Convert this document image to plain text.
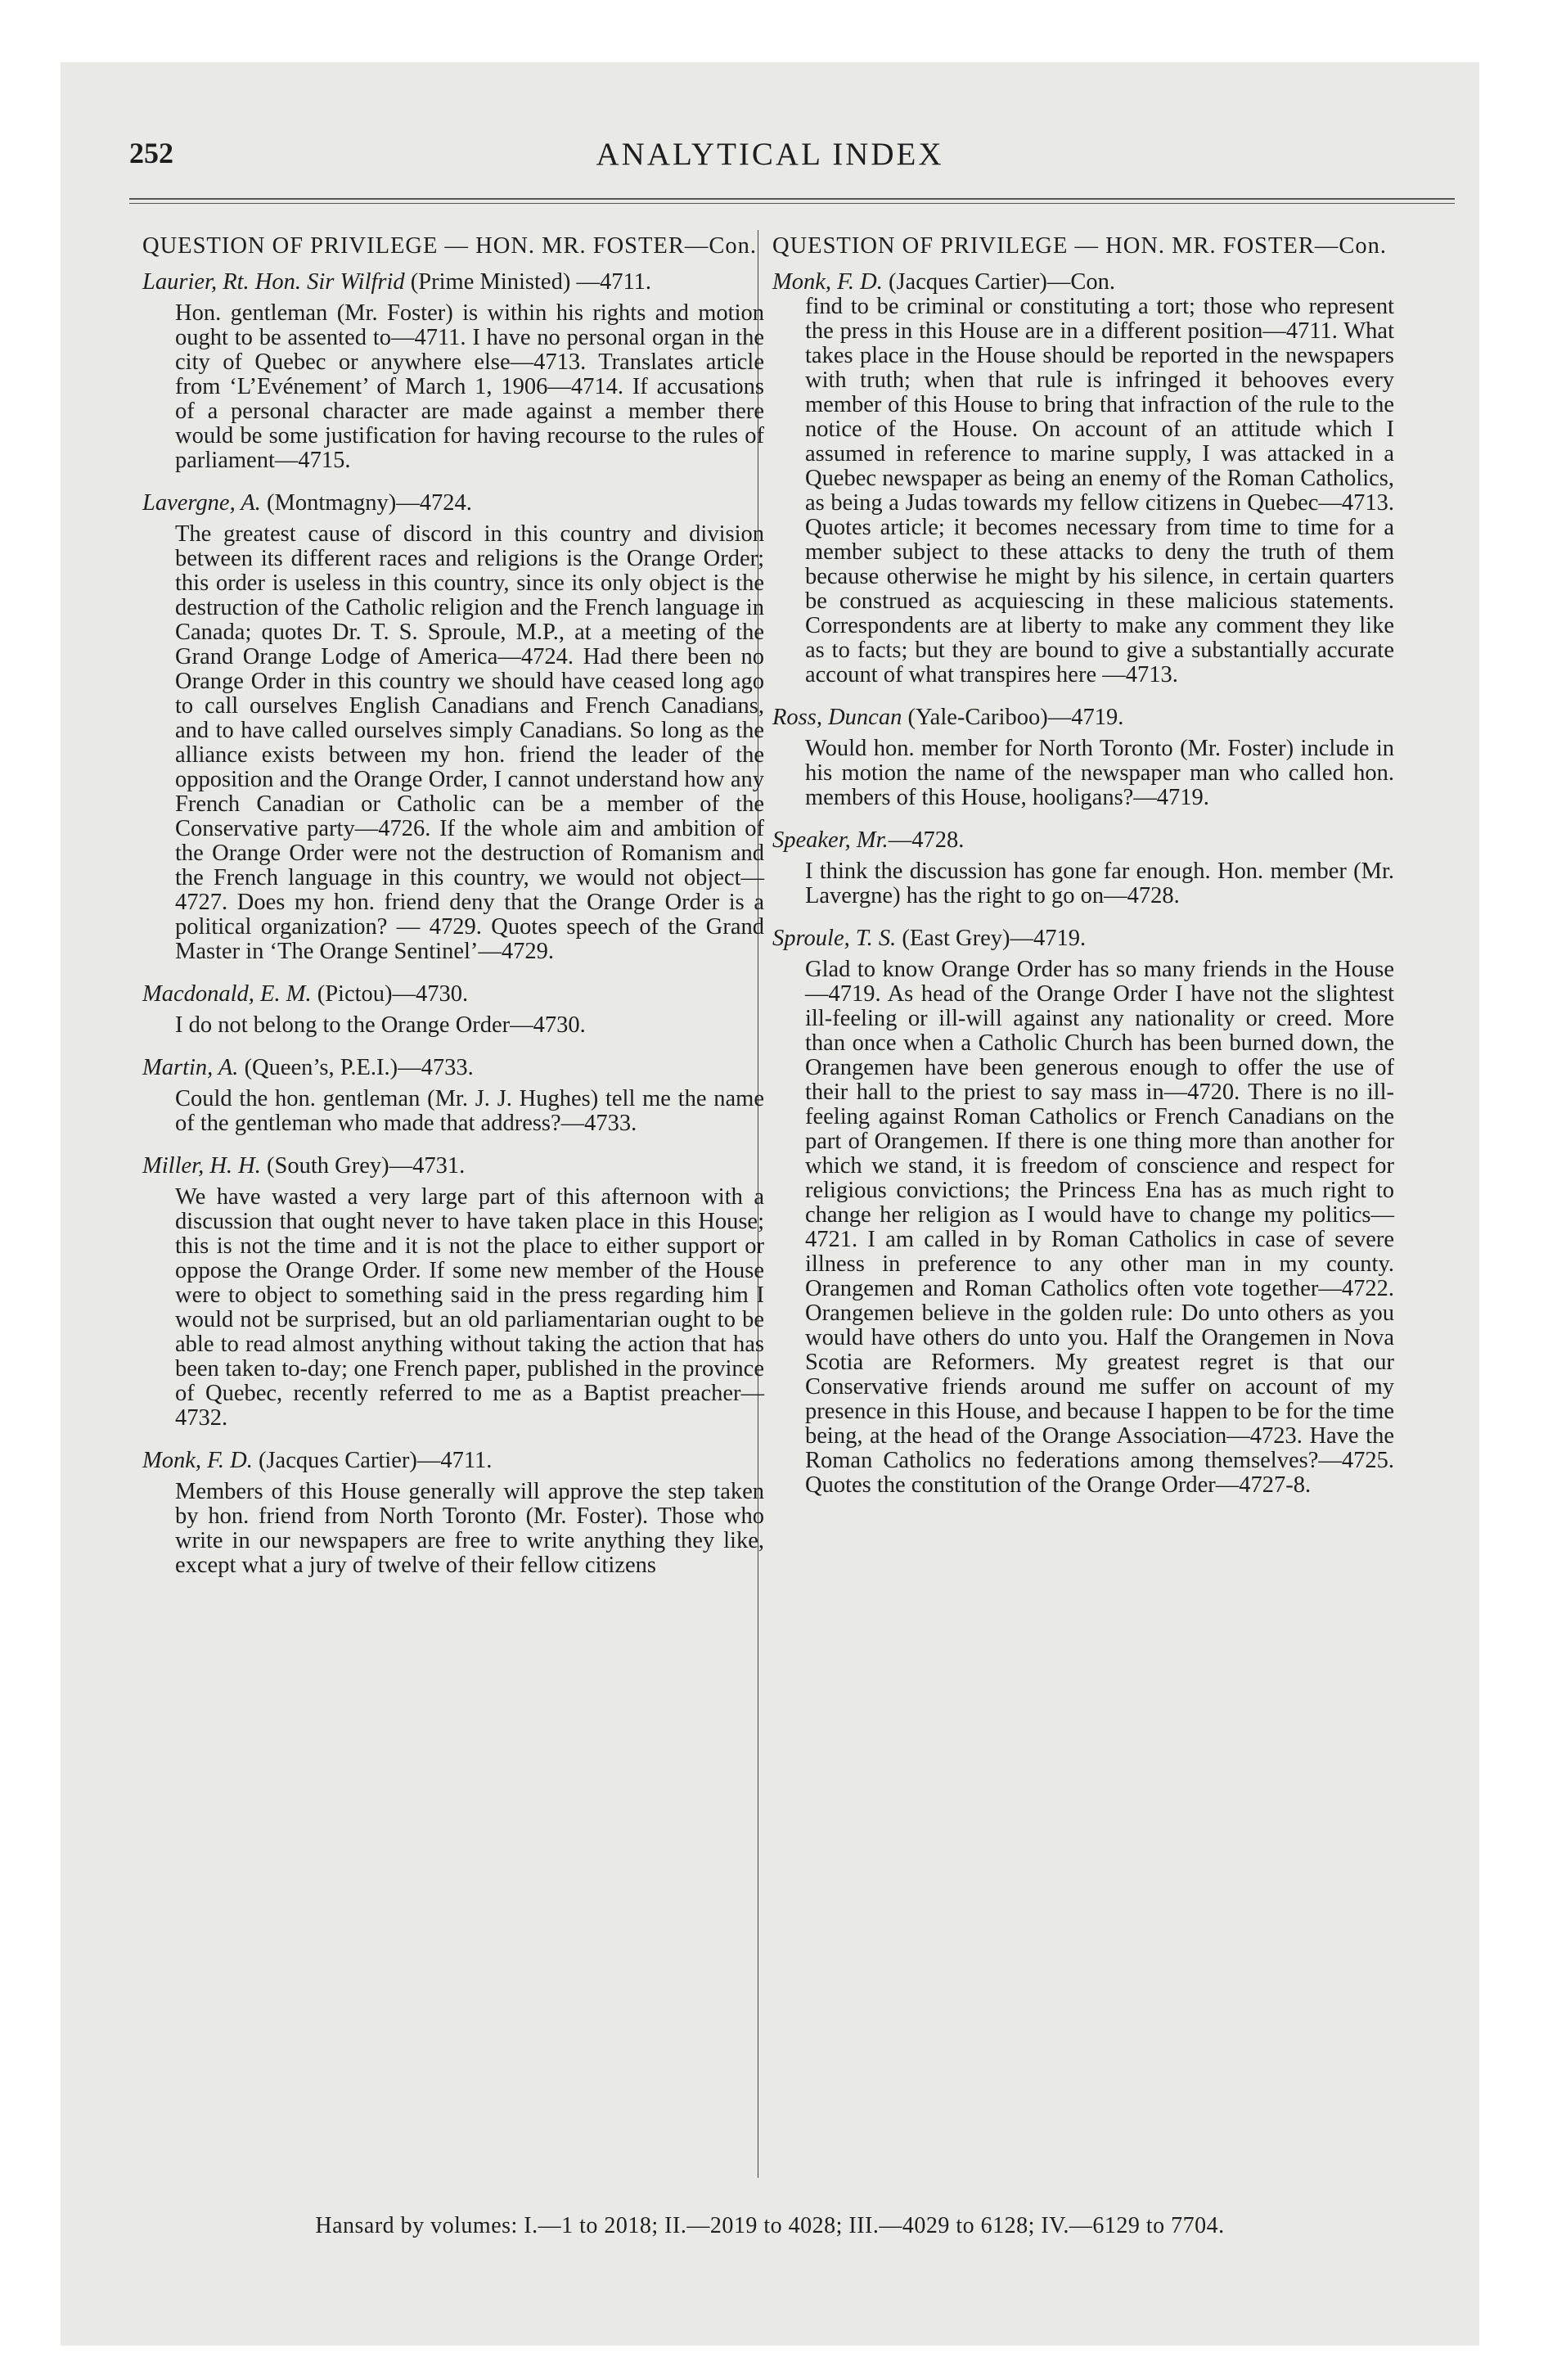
252	ANALYTICAL INDEX

QUESTION OF PRIVILEGE — HON. MR. FOSTER—Con.

Laurier, Rt. Hon. Sir Wilfrid (Prime Ministed) —4711.

Hon. gentleman (Mr. Foster) is within his rights and motion ought to be assented to—4711. I have no personal organ in the city of Quebec or anywhere else—4713. Translates article from ‘L’Evénement’ of March 1, 1906—4714. If accusations of a personal character are made against a member there would be some justification for having recourse to the rules of parliament—4715.

Lavergne, A. (Montmagny)—4724.

The greatest cause of discord in this country and division between its different races and religions is the Orange Order; this order is useless in this country, since its only object is the destruction of the Catholic religion and the French language in Canada; quotes Dr. T. S. Sproule, M.P., at a meeting of the Grand Orange Lodge of America—4724. Had there been no Orange Order in this country we should have ceased long ago to call ourselves English Canadians and French Canadians, and to have called ourselves simply Canadians. So long as the alliance exists between my hon. friend the leader of the opposition and the Orange Order, I cannot understand how any French Canadian or Catholic can be a member of the Conservative party—4726. If the whole aim and ambition of the Orange Order were not the destruction of Romanism and the French language in this country, we would not object—4727. Does my hon. friend deny that the Orange Order is a political organization? — 4729. Quotes speech of the Grand Master in ‘The Orange Sentinel’—4729.

Macdonald, E. M. (Pictou)—4730.

I do not belong to the Orange Order—4730.

Martin, A. (Queen’s, P.E.I.)—4733.

Could the hon. gentleman (Mr. J. J. Hughes) tell me the name of the gentleman who made that address?—4733.

Miller, H. H. (South Grey)—4731.

We have wasted a very large part of this afternoon with a discussion that ought never to have taken place in this House; this is not the time and it is not the place to either support or oppose the Orange Order. If some new member of the House were to object to something said in the press regarding him I would not be surprised, but an old parliamentarian ought to be able to read almost anything without taking the action that has been taken to-day; one French paper, published in the province of Quebec, recently referred to me as a Baptist preacher—4732.

Monk, F. D. (Jacques Cartier)—4711.

Members of this House generally will approve the step taken by hon. friend from North Toronto (Mr. Foster). Those who write in our newspapers are free to write anything they like, except what a jury of twelve of their fellow citizens

QUESTION OF PRIVILEGE — HON. MR. FOSTER—Con.

Monk, F. D. (Jacques Cartier)—Con.

find to be criminal or constituting a tort; those who represent the press in this House are in a different position—4711. What takes place in the House should be reported in the newspapers with truth; when that rule is infringed it behooves every member of this House to bring that infraction of the rule to the notice of the House. On account of an attitude which I assumed in reference to marine supply, I was attacked in a Quebec newspaper as being an enemy of the Roman Catholics, as being a Judas towards my fellow citizens in Quebec—4713. Quotes article; it becomes necessary from time to time for a member subject to these attacks to deny the truth of them because otherwise he might by his silence, in certain quarters be construed as acquiescing in these malicious statements. Correspondents are at liberty to make any comment they like as to facts; but they are bound to give a substantially accurate account of what transpires here —4713.

Ross, Duncan (Yale-Cariboo)—4719.

Would hon. member for North Toronto (Mr. Foster) include in his motion the name of the newspaper man who called hon. members of this House, hooligans?—4719.

Speaker, Mr.—4728.

I think the discussion has gone far enough. Hon. member (Mr. Lavergne) has the right to go on—4728.

Sproule, T. S. (East Grey)—4719.

Glad to know Orange Order has so many friends in the House—4719. As head of the Orange Order I have not the slightest ill-feeling or ill-will against any nationality or creed. More than once when a Catholic Church has been burned down, the Orangemen have been generous enough to offer the use of their hall to the priest to say mass in—4720. There is no ill-feeling against Roman Catholics or French Canadians on the part of Orangemen. If there is one thing more than another for which we stand, it is freedom of conscience and respect for religious convictions; the Princess Ena has as much right to change her religion as I would have to change my politics—4721. I am called in by Roman Catholics in case of severe illness in preference to any other man in my county. Orangemen and Roman Catholics often vote together—4722. Orangemen believe in the golden rule: Do unto others as you would have others do unto you. Half the Orangemen in Nova Scotia are Reformers. My greatest regret is that our Conservative friends around me suffer on account of my presence in this House, and because I happen to be for the time being, at the head of the Orange Association—4723. Have the Roman Catholics no federations among themselves?—4725. Quotes the constitution of the Orange Order—4727-8.

Hansard by volumes: I.—1 to 2018; II.—2019 to 4028; III.—4029 to 6128; IV.—6129 to 7704.
